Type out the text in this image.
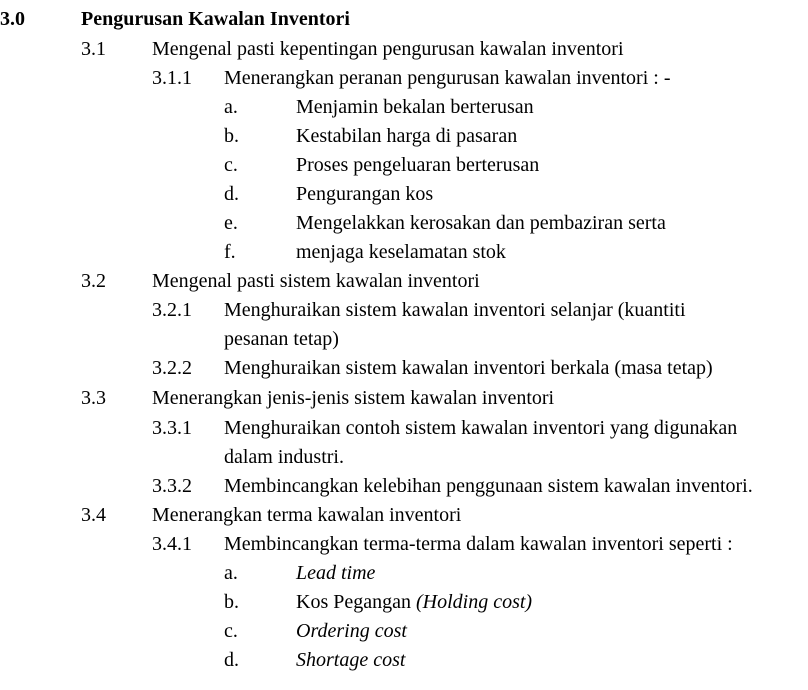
3.0	Pengurusan Kawalan Inventori
3.1 Mengenal pasti kepentingan pengurusan kawalan inventori
3.1.1 Menerangkan peranan pengurusan kawalan inventori : -
a.	Menjamin bekalan berterusan
b.	Kestabilan harga di pasaran
c.	Proses pengeluaran berterusan
d.	Pengurangan kos
e.	Mengelakkan kerosakan dan pembaziran serta
f.	menjaga keselamatan stok
3.2 Mengenal pasti sistem kawalan inventori
3.2.1 Menghuraikan sistem kawalan inventori selanjar (kuantiti
pesanan tetap)
3.2.2 Menghuraikan sistem kawalan inventori berkala (masa tetap)
3.3 Menerangkan jenis-jenis sistem kawalan inventori
3.3.1 Menghuraikan contoh sistem kawalan inventori yang digunakan
dalam industri.
3.3.2 Membincangkan kelebihan penggunaan sistem kawalan inventori.
3.4 Menerangkan terma kawalan inventori
3.4.1 Membincangkan terma-terma dalam kawalan inventori seperti :
a.	Lead time
b.	Kos Pegangan (Holding cost)
c.	Ordering cost
d.	Shortage cost
